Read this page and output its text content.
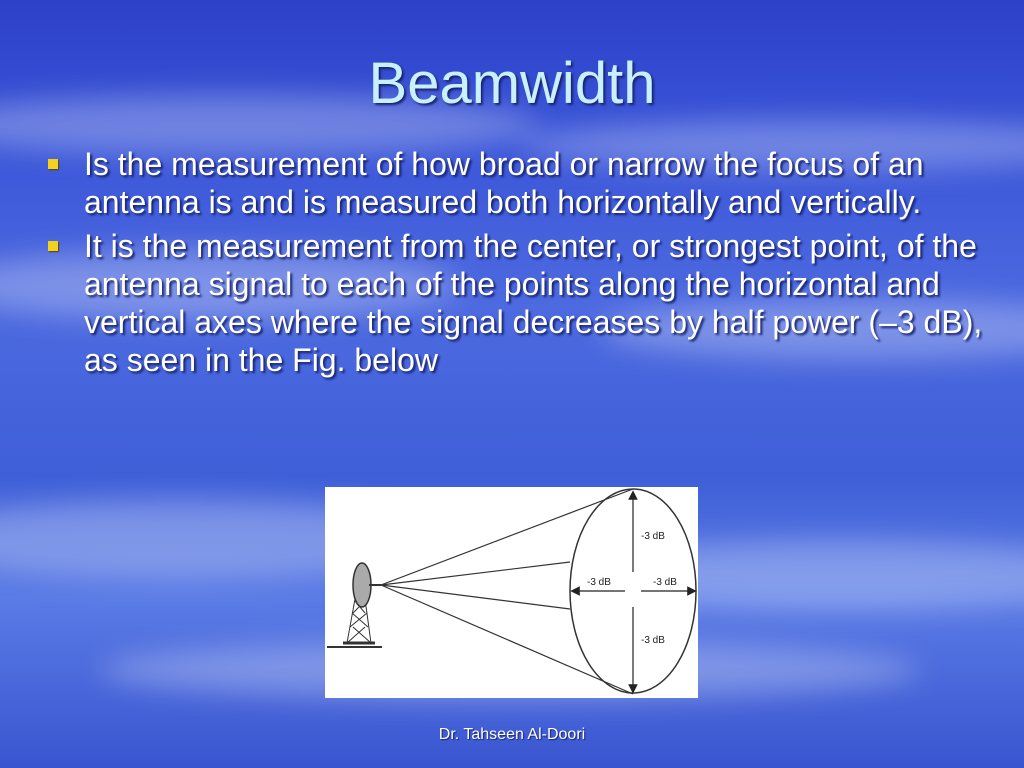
Beamwidth
Is the measurement of how broad or narrow the focus of an antenna is and is measured both horizontally and vertically.
It is the measurement from the center, or strongest point, of the antenna signal to each of the points along the horizontal and vertical axes where the signal decreases by half power (–3 dB), as seen in the Fig. below
-3 dB
-3 dB	-3 dB
-3 dB
Dr. Tahseen Al-Doori
